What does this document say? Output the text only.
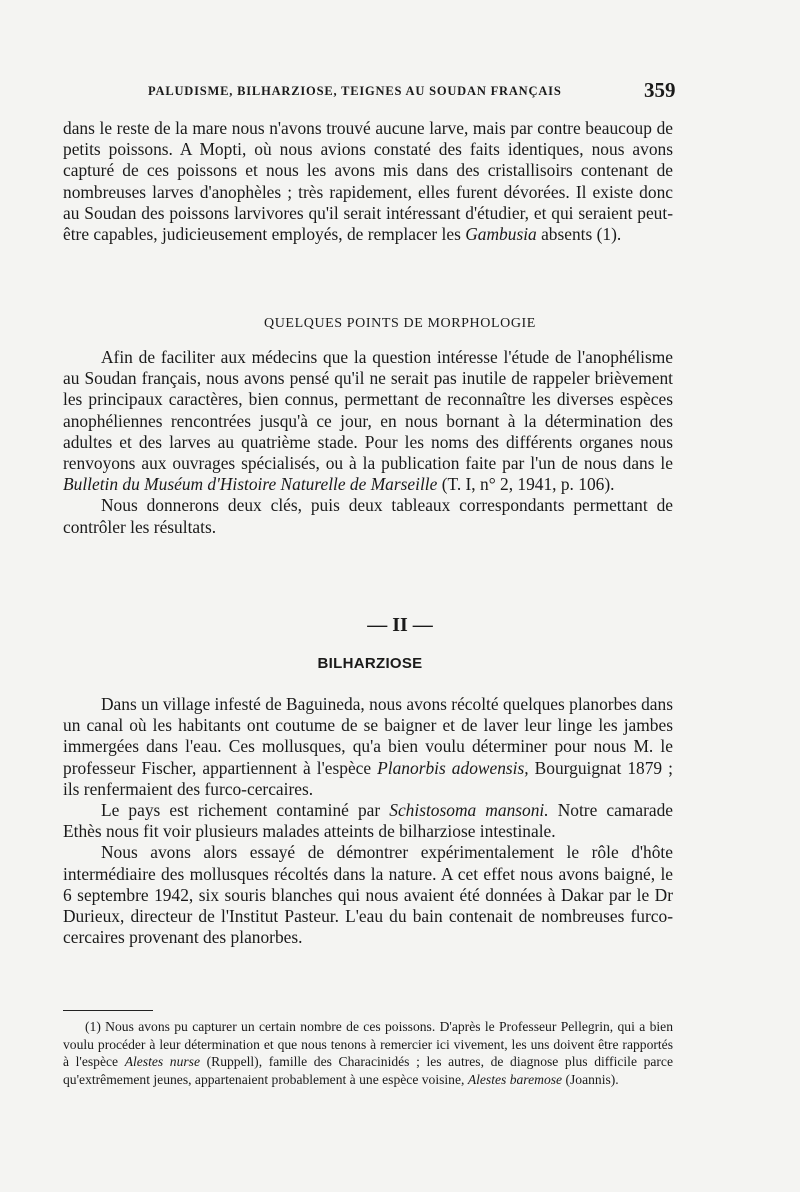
PALUDISME, BILHARZIOSE, TEIGNES AU SOUDAN FRANÇAIS	359

dans le reste de la mare nous n'avons trouvé aucune larve, mais par contre beaucoup de petits poissons. A Mopti, où nous avions constaté des faits identiques, nous avons capturé de ces poissons et nous les avons mis dans des cristallisoirs contenant de nombreuses larves d'anophèles ; très rapidement, elles furent dévorées. Il existe donc au Soudan des poissons larvivores qu'il serait intéressant d'étudier, et qui seraient peut-être capables, judicieusement employés, de remplacer les Gambusia absents (1).

QUELQUES POINTS DE MORPHOLOGIE

Afin de faciliter aux médecins que la question intéresse l'étude de l'anophélisme au Soudan français, nous avons pensé qu'il ne serait pas inutile de rappeler brièvement les principaux caractères, bien connus, permettant de reconnaître les diverses espèces anophéliennes rencontrées jusqu'à ce jour, en nous bornant à la détermination des adultes et des larves au quatrième stade. Pour les noms des différents organes nous renvoyons aux ouvrages spécialisés, ou à la publication faite par l'un de nous dans le Bulletin du Muséum d'Histoire Naturelle de Marseille (T. I, n° 2, 1941, p. 106).

Nous donnerons deux clés, puis deux tableaux correspondants permettant de contrôler les résultats.

— II —
BILHARZIOSE

Dans un village infesté de Baguineda, nous avons récolté quelques planorbes dans un canal où les habitants ont coutume de se baigner et de laver leur linge les jambes immergées dans l'eau. Ces mollusques, qu'a bien voulu déterminer pour nous M. le professeur Fischer, appartiennent à l'espèce Planorbis adowensis, Bourguignat 1879 ; ils renfermaient des furco-cercaires.

Le pays est richement contaminé par Schistosoma mansoni. Notre camarade Ethès nous fit voir plusieurs malades atteints de bilharziose intestinale.

Nous avons alors essayé de démontrer expérimentalement le rôle d'hôte intermédiaire des mollusques récoltés dans la nature. A cet effet nous avons baigné, le 6 septembre 1942, six souris blanches qui nous avaient été données à Dakar par le Dr Durieux, directeur de l'Institut Pasteur. L'eau du bain contenait de nombreuses furco-cercaires provenant des planorbes.

(1) Nous avons pu capturer un certain nombre de ces poissons. D'après le Professeur Pellegrin, qui a bien voulu procéder à leur détermination et que nous tenons à remercier ici vivement, les uns doivent être rapportés à l'espèce Alestes nurse (Ruppell), famille des Characinidés ; les autres, de diagnose plus difficile parce qu'extrêmement jeunes, appartenaient probablement à une espèce voisine, Alestes baremose (Joannis).
